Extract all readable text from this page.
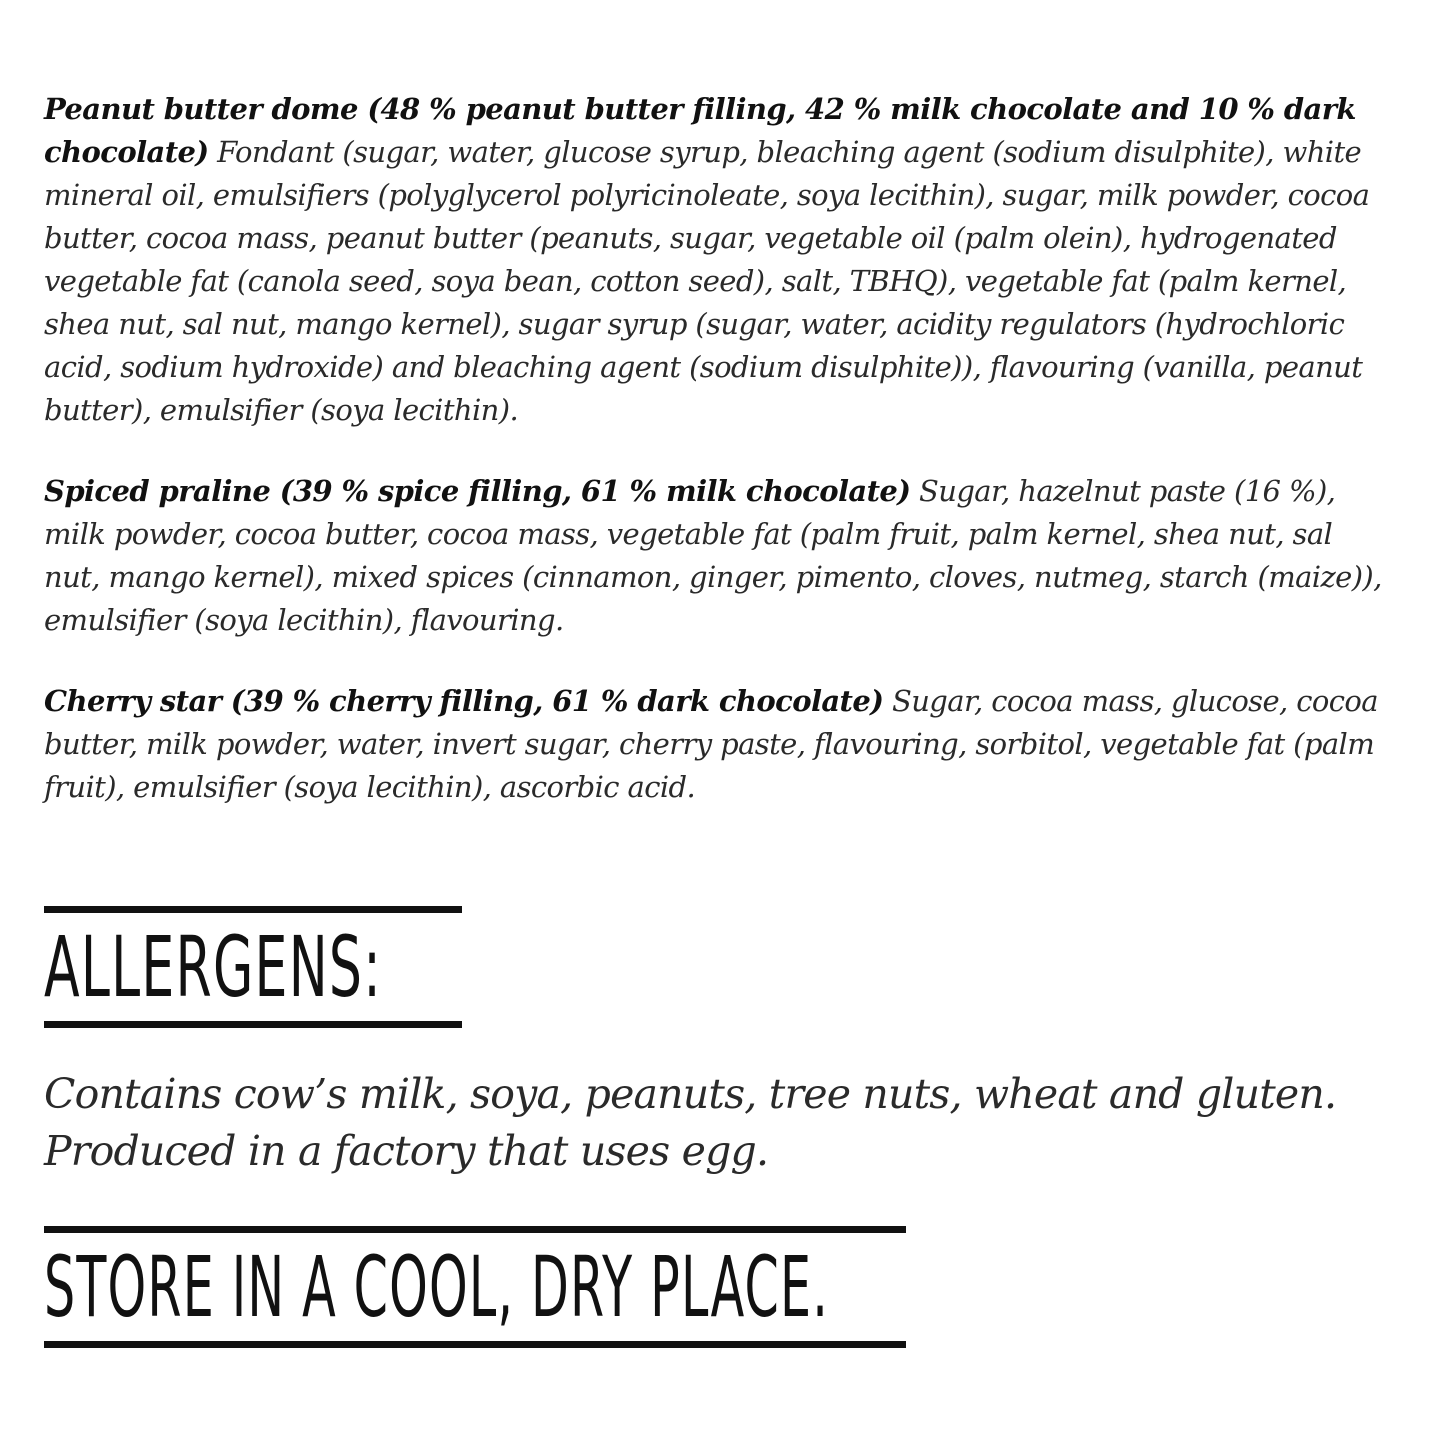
Peanut butter dome (48 % peanut butter filling, 42 % milk chocolate and 10 % dark chocolate) Fondant (sugar, water, glucose syrup, bleaching agent (sodium disulphite), white mineral oil, emulsifiers (polyglycerol polyricinoleate, soya lecithin), sugar, milk powder, cocoa butter, cocoa mass, peanut butter (peanuts, sugar, vegetable oil (palm olein), hydrogenated vegetable fat (canola seed, soya bean, cotton seed), salt, TBHQ), vegetable fat (palm kernel, shea nut, sal nut, mango kernel), sugar syrup (sugar, water, acidity regulators (hydrochloric acid, sodium hydroxide) and bleaching agent (sodium disulphite)), flavouring (vanilla, peanut butter), emulsifier (soya lecithin).

Spiced praline (39 % spice filling, 61 % milk chocolate) Sugar, hazelnut paste (16 %), milk powder, cocoa butter, cocoa mass, vegetable fat (palm fruit, palm kernel, shea nut, sal nut, mango kernel), mixed spices (cinnamon, ginger, pimento, cloves, nutmeg, starch (maize)), emulsifier (soya lecithin), flavouring.

Cherry star (39 % cherry filling, 61 % dark chocolate) Sugar, cocoa mass, glucose, cocoa butter, milk powder, water, invert sugar, cherry paste, flavouring, sorbitol, vegetable fat (palm fruit), emulsifier (soya lecithin), ascorbic acid.

ALLERGENS:
Contains cow’s milk, soya, peanuts, tree nuts, wheat and gluten. Produced in a factory that uses egg.
STORE IN A COOL, DRY PLACE.
